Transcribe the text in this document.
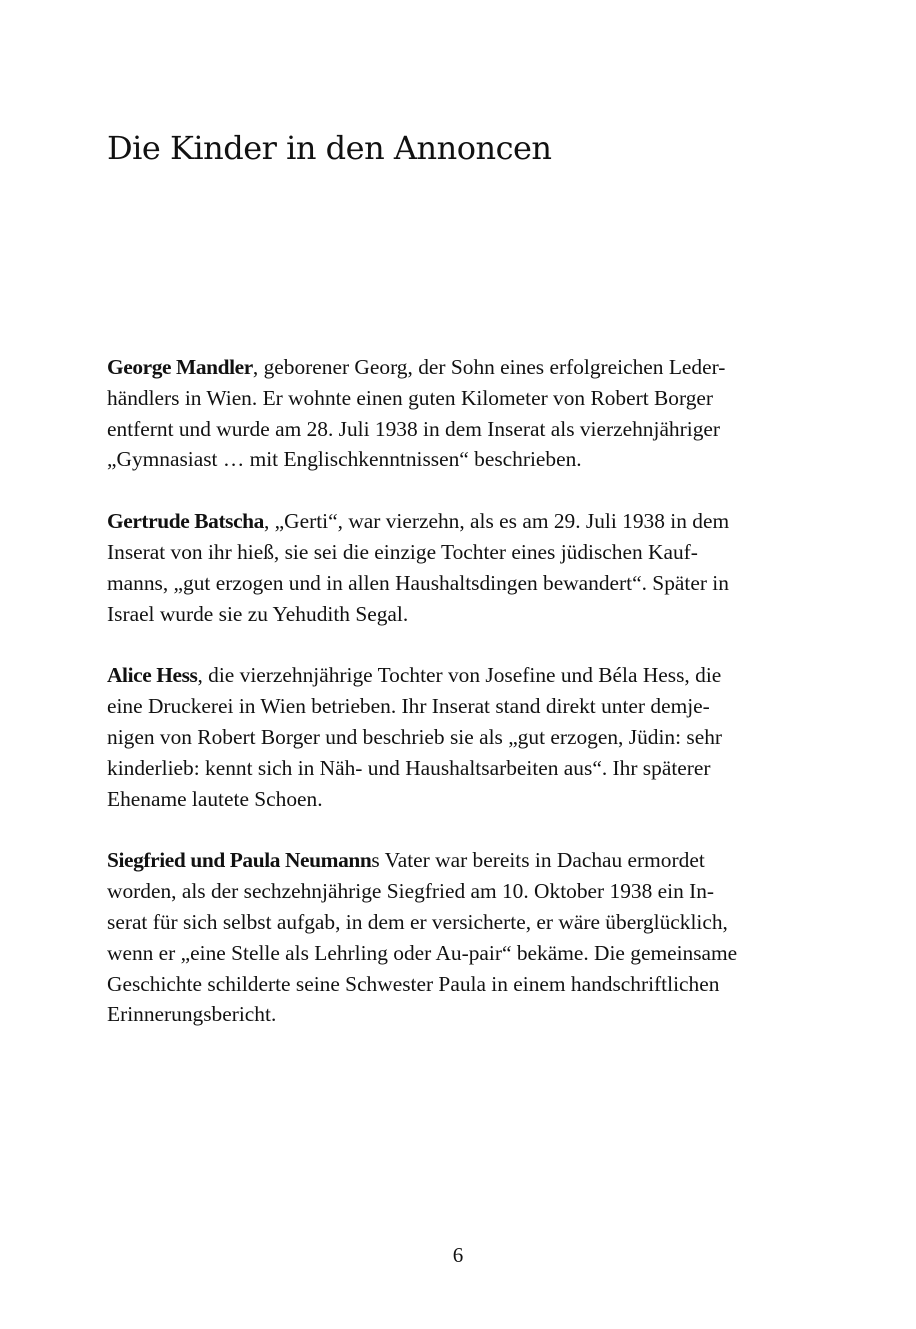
Die Kinder in den Annoncen

George Mandler, geborener Georg, der Sohn eines erfolgreichen Leder-
händlers in Wien. Er wohnte einen guten Kilometer von Robert Borger
entfernt und wurde am 28. Juli 1938 in dem Inserat als vierzehnjähriger
„Gymnasiast … mit Englischkenntnissen“ beschrieben.

Gertrude Batscha, „Gerti“, war vierzehn, als es am 29. Juli 1938 in dem
Inserat von ihr hieß, sie sei die einzige Tochter eines jüdischen Kauf-
manns, „gut erzogen und in allen Haushaltsdingen bewandert“. Später in
Israel wurde sie zu Yehudith Segal.

Alice Hess, die vierzehnjährige Tochter von Josefine und Béla Hess, die
eine Druckerei in Wien betrieben. Ihr Inserat stand direkt unter demje-
nigen von Robert Borger und beschrieb sie als „gut erzogen, Jüdin: sehr
kinderlieb: kennt sich in Näh- und Haushaltsarbeiten aus“. Ihr späterer
Ehename lautete Schoen.

Siegfried und Paula Neumanns Vater war bereits in Dachau ermordet
worden, als der sechzehnjährige Siegfried am 10. Oktober 1938 ein In-
serat für sich selbst aufgab, in dem er versicherte, er wäre überglücklich,
wenn er „eine Stelle als Lehrling oder Au-pair“ bekäme. Die gemeinsame
Geschichte schilderte seine Schwester Paula in einem handschriftlichen
Erinnerungsbericht.

6
